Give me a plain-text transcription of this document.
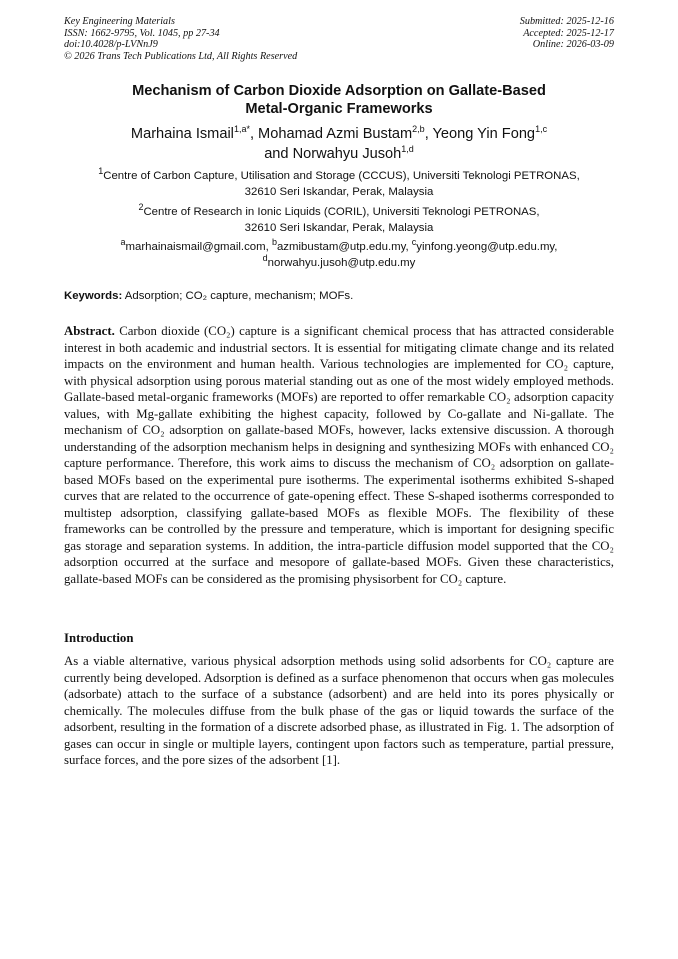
Key Engineering Materials
ISSN: 1662-9795, Vol. 1045, pp 27-34
doi:10.4028/p-LVNnJ9
© 2026 Trans Tech Publications Ltd, All Rights Reserved
Submitted: 2025-12-16
Accepted: 2025-12-17
Online: 2026-03-09
Mechanism of Carbon Dioxide Adsorption on Gallate-Based
Metal-Organic Frameworks
Marhaina Ismail$^{1,a*}$, Mohamad Azmi Bustam$^{2,b}$, Yeong Yin Fong$^{1,c}$
and Norwahyu Jusoh$^{1,d}$
$^1$Centre of Carbon Capture, Utilisation and Storage (CCCUS), Universiti Teknologi PETRONAS,
32610 Seri Iskandar, Perak, Malaysia
$^2$Centre of Research in Ionic Liquids (CORIL), Universiti Teknologi PETRONAS,
32610 Seri Iskandar, Perak, Malaysia
$^a$marhainaismail@gmail.com, $^b$azmibustam@utp.edu.my, $^c$yinfong.yeong@utp.edu.my,
$^d$norwahyu.jusoh@utp.edu.my
Keywords: Adsorption; CO₂ capture, mechanism; MOFs.
Abstract. Carbon dioxide (CO₂) capture is a significant chemical process that has attracted considerable interest in both academic and industrial sectors. It is essential for mitigating climate change and its related impacts on the environment and human health. Various technologies are implemented for CO₂ capture, with physical adsorption using porous material standing out as one of the most widely employed methods. Gallate-based metal-organic frameworks (MOFs) are reported to offer remarkable CO₂ adsorption capacity values, with Mg-gallate exhibiting the highest capacity, followed by Co-gallate and Ni-gallate. The mechanism of CO₂ adsorption on gallate-based MOFs, however, lacks extensive discussion. A thorough understanding of the adsorption mechanism helps in designing and synthesizing MOFs with enhanced CO₂ capture performance. Therefore, this work aims to discuss the mechanism of CO₂ adsorption on gallate-based MOFs based on the experimental pure isotherms. The experimental isotherms exhibited S-shaped curves that are related to the occurrence of gate-opening effect. These S-shaped isotherms corresponded to multistep adsorption, classifying gallate-based MOFs as flexible MOFs. The flexibility of these frameworks can be controlled by the pressure and temperature, which is important for designing specific gas storage and separation systems. In addition, the intra-particle diffusion model supported that the CO₂ adsorption occurred at the surface and mesopore of gallate-based MOFs. Given these characteristics, gallate-based MOFs can be considered as the promising physisorbent for CO₂ capture.
Introduction
As a viable alternative, various physical adsorption methods using solid adsorbents for CO₂ capture are currently being developed. Adsorption is defined as a surface phenomenon that occurs when gas molecules (adsorbate) attach to the surface of a substance (adsorbent) and are held into its pores physically or chemically. The molecules diffuse from the bulk phase of the gas or liquid towards the surface of the adsorbent, resulting in the formation of a discrete adsorbed phase, as illustrated in Fig. 1. The adsorption of gases can occur in single or multiple layers, contingent upon factors such as temperature, partial pressure, surface forces, and the pore sizes of the adsorbent [1].
